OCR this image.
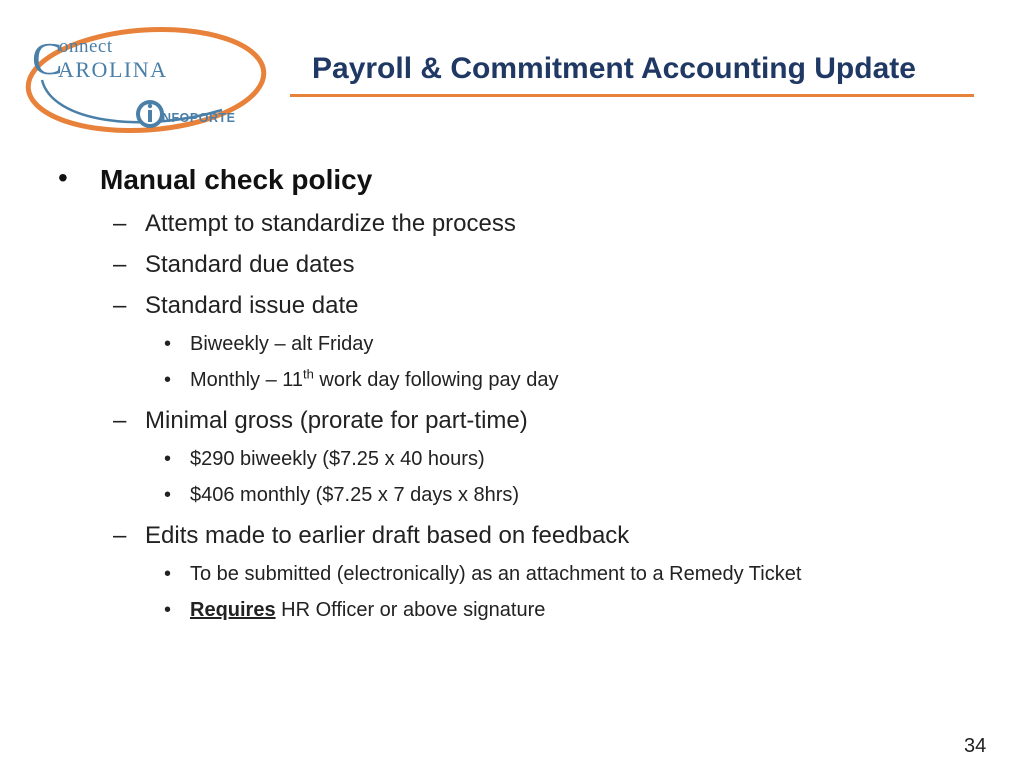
C
onnect
AROLINA
NFOPORTE
Payroll & Commitment Accounting Update
• Manual check policy
– Attempt to standardize the process
– Standard due dates
– Standard issue date
• Biweekly – alt Friday
• Monthly – 11th work day following pay day
– Minimal gross (prorate for part-time)
• $290 biweekly ($7.25 x 40 hours)
• $406 monthly ($7.25 x 7 days x 8hrs)
– Edits made to earlier draft based on feedback
• To be submitted (electronically) as an attachment to a Remedy Ticket
• Requires HR Officer or above signature
34
